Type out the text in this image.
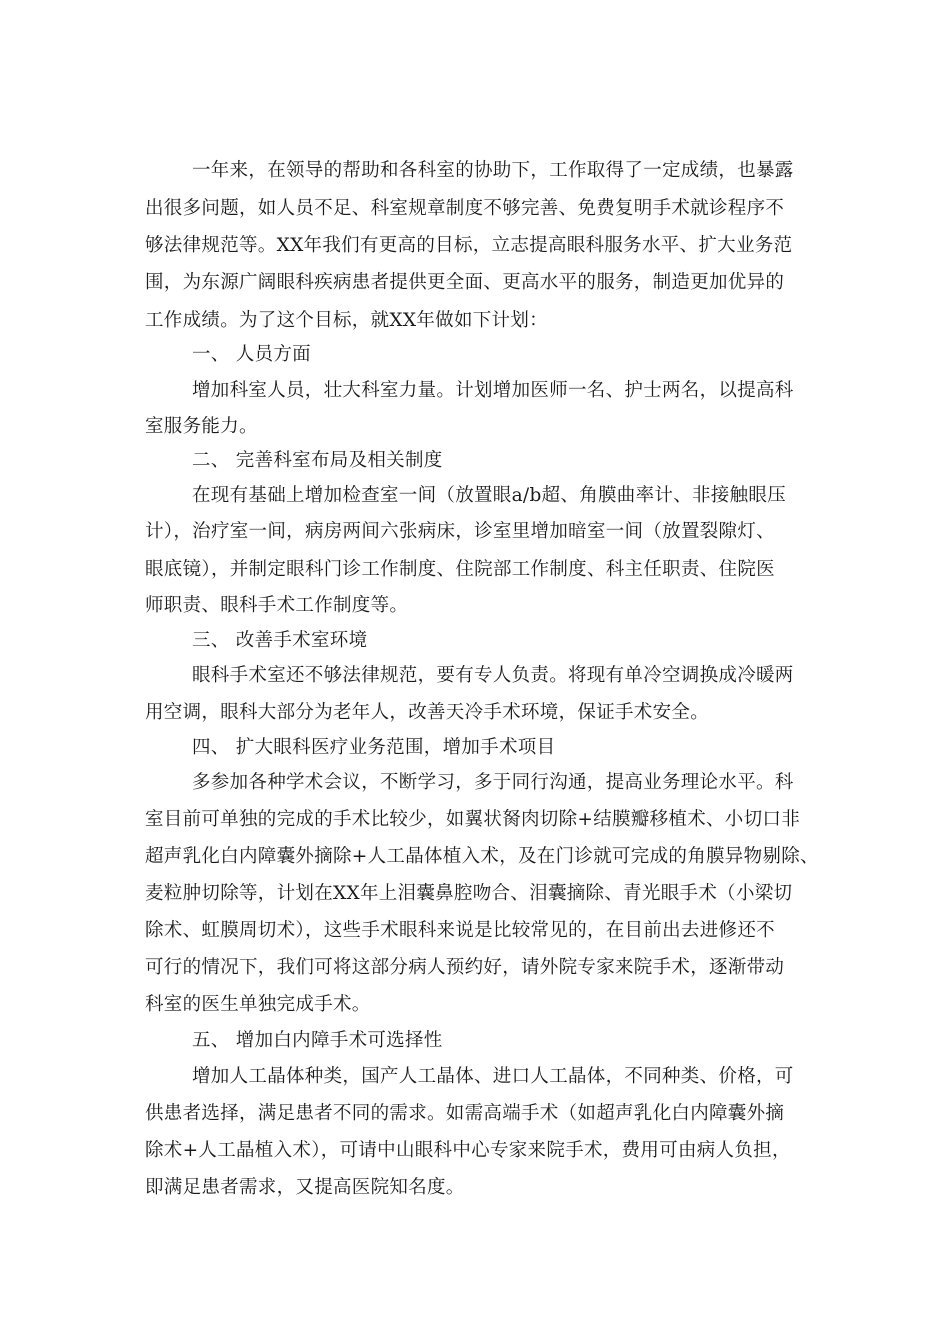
一年来，在领导的帮助和各科室的协助下，工作取得了一定成绩，也暴露
出很多问题，如人员不足、科室规章制度不够完善、免费复明手术就诊程序不
够法律规范等。XX年我们有更高的目标，立志提高眼科服务水平、扩大业务范
围，为东源广阔眼科疾病患者提供更全面、更高水平的服务，制造更加优异的
工作成绩。为了这个目标，就XX年做如下计划：
一、 人员方面
增加科室人员，壮大科室力量。计划增加医师一名、护士两名，以提高科
室服务能力。
二、 完善科室布局及相关制度
在现有基础上增加检查室一间（放置眼a/b超、角膜曲率计、非接触眼压
计），治疗室一间，病房两间六张病床，诊室里增加暗室一间（放置裂隙灯、
眼底镜），并制定眼科门诊工作制度、住院部工作制度、科主任职责、住院医
师职责、眼科手术工作制度等。
三、 改善手术室环境
眼科手术室还不够法律规范，要有专人负责。将现有单冷空调换成冷暖两
用空调，眼科大部分为老年人，改善天冷手术环境，保证手术安全。
四、 扩大眼科医疗业务范围，增加手术项目
多参加各种学术会议，不断学习，多于同行沟通，提高业务理论水平。科
室目前可单独的完成的手术比较少，如翼状胬肉切除+结膜瓣移植术、小切口非
超声乳化白内障囊外摘除+人工晶体植入术，及在门诊就可完成的角膜异物剔除、
麦粒肿切除等，计划在XX年上泪囊鼻腔吻合、泪囊摘除、青光眼手术（小梁切
除术、虹膜周切术），这些手术眼科来说是比较常见的，在目前出去进修还不
可行的情况下，我们可将这部分病人预约好，请外院专家来院手术，逐渐带动
科室的医生单独完成手术。
五、 增加白内障手术可选择性
增加人工晶体种类，国产人工晶体、进口人工晶体，不同种类、价格，可
供患者选择，满足患者不同的需求。如需高端手术（如超声乳化白内障囊外摘
除术+人工晶植入术），可请中山眼科中心专家来院手术，费用可由病人负担，
即满足患者需求，又提高医院知名度。
